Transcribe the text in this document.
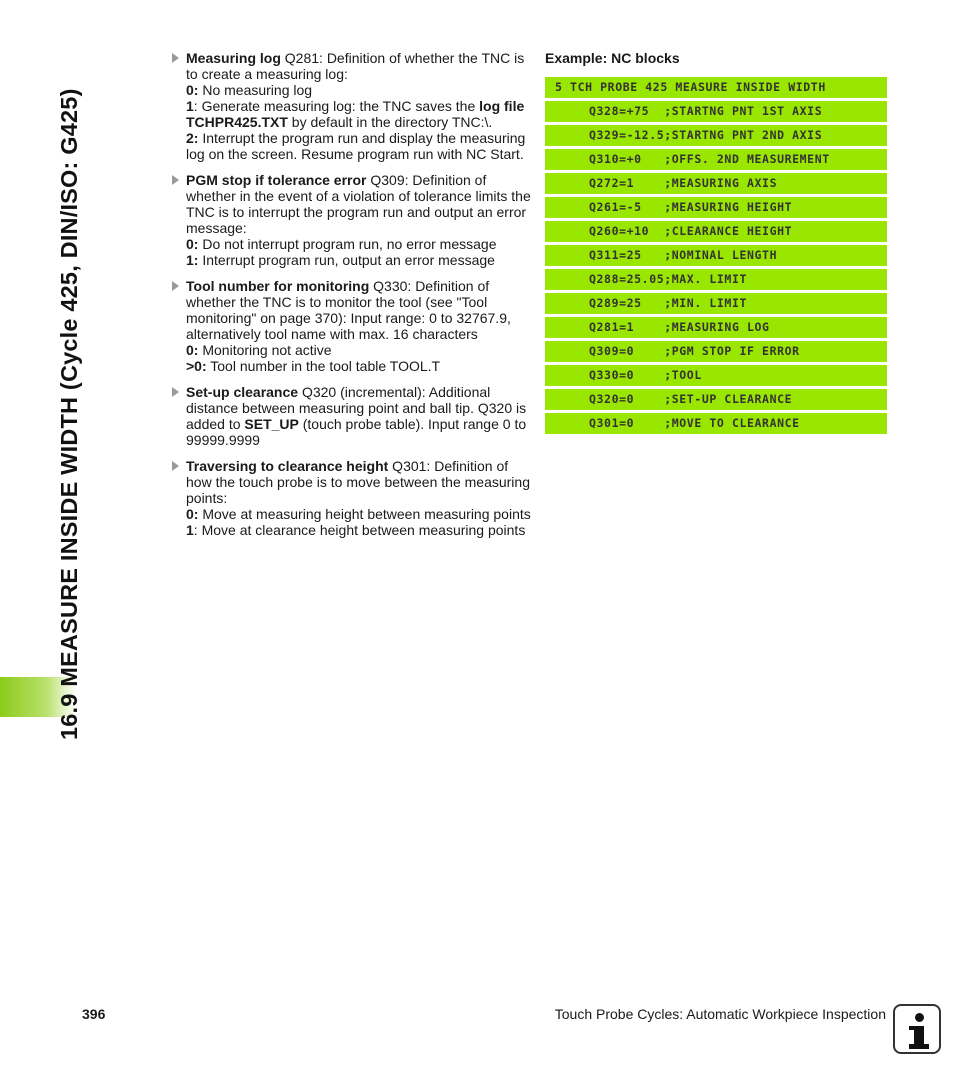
16.9 MEASURE INSIDE WIDTH (Cycle 425, DIN/ISO: G425)

Measuring log Q281: Definition of whether the TNC is to create a measuring log:

0: No measuring log

1: Generate measuring log: the TNC saves the log file TCHPR425.TXT by default in the directory TNC:\.

2: Interrupt the program run and display the measuring log on the screen. Resume program run with NC Start.

PGM stop if tolerance error Q309: Definition of whether in the event of a violation of tolerance limits the TNC is to interrupt the program run and output an error message:

0: Do not interrupt program run, no error message

1: Interrupt program run, output an error message

Tool number for monitoring Q330: Definition of whether the TNC is to monitor the tool (see "Tool monitoring" on page 370): Input range: 0 to 32767.9, alternatively tool name with max. 16 characters

0: Monitoring not active

>0: Tool number in the tool table TOOL.T

Set-up clearance Q320 (incremental): Additional distance between measuring point and ball tip. Q320 is added to SET_UP (touch probe table). Input range 0 to 99999.9999

Traversing to clearance height Q301: Definition of how the touch probe is to move between the measuring points:

0: Move at measuring height between measuring points

1: Move at clearance height between measuring points

Example: NC blocks
5 TCH PROBE 425 MEASURE INSIDE WIDTH
Q328=+75  ;STARTNG PNT 1ST AXIS
Q329=-12.5;STARTNG PNT 2ND AXIS
Q310=+0   ;OFFS. 2ND MEASUREMENT
Q272=1    ;MEASURING AXIS
Q261=-5   ;MEASURING HEIGHT
Q260=+10  ;CLEARANCE HEIGHT
Q311=25   ;NOMINAL LENGTH
Q288=25.05;MAX. LIMIT
Q289=25   ;MIN. LIMIT
Q281=1    ;MEASURING LOG
Q309=0    ;PGM STOP IF ERROR
Q330=0    ;TOOL
Q320=0    ;SET-UP CLEARANCE
Q301=0    ;MOVE TO CLEARANCE
396	Touch Probe Cycles: Automatic Workpiece Inspection
